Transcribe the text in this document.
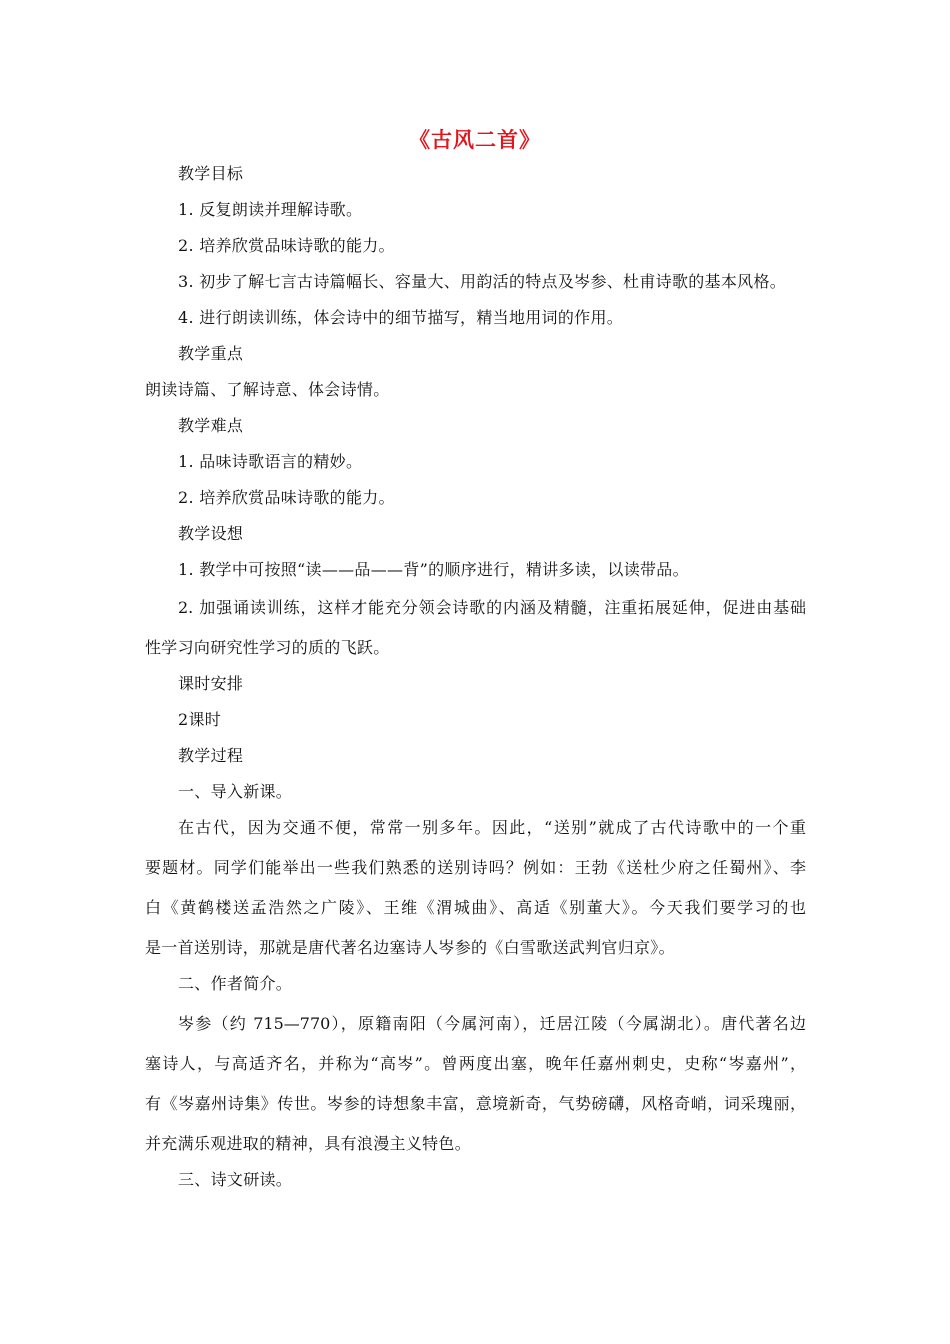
《古风二首》
教学目标
1. 反复朗读并理解诗歌。
2. 培养欣赏品味诗歌的能力。
3. 初步了解七言古诗篇幅长、容量大、用韵活的特点及岑参、杜甫诗歌的基本风格。
4. 进行朗读训练，体会诗中的细节描写，精当地用词的作用。
教学重点
朗读诗篇、了解诗意、体会诗情。
教学难点
1. 品味诗歌语言的精妙。
2. 培养欣赏品味诗歌的能力。
教学设想
1. 教学中可按照“读——品——背”的顺序进行，精讲多读，以读带品。
2. 加强诵读训练，这样才能充分领会诗歌的内涵及精髓，注重拓展延伸，促进由基础
性学习向研究性学习的质的飞跃。
课时安排
2课时
教学过程
一、导入新课。
在古代，因为交通不便，常常一别多年。因此，“送别”就成了古代诗歌中的一个重
要题材。同学们能举出一些我们熟悉的送别诗吗？例如：王勃《送杜少府之任蜀州》、李
白《黄鹤楼送孟浩然之广陵》、王维《渭城曲》、高适《别董大》。今天我们要学习的也
是一首送别诗，那就是唐代著名边塞诗人岑参的《白雪歌送武判官归京》。
二、作者简介。
岑参（约 715—770），原籍南阳（今属河南），迁居江陵（今属湖北）。唐代著名边
塞诗人，与高适齐名，并称为“高岑”。曾两度出塞，晚年任嘉州刺史，史称“岑嘉州”，
有《岑嘉州诗集》传世。岑参的诗想象丰富，意境新奇，气势磅礴，风格奇峭，词采瑰丽，
并充满乐观进取的精神，具有浪漫主义特色。
三、诗文研读。
